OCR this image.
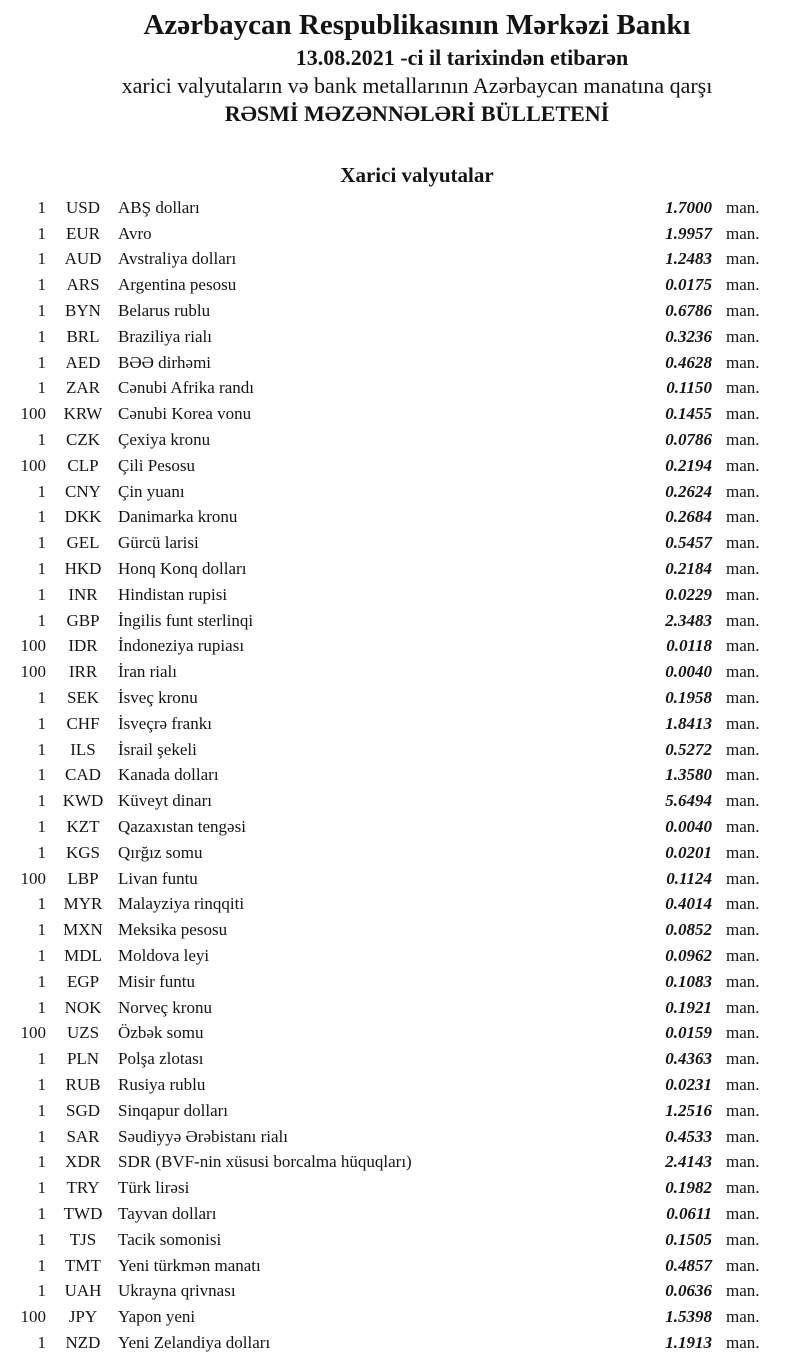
Azərbaycan Respublikasının Mərkəzi Bankı
13.08.2021 -ci il tarixindən etibarən
xarici valyutaların və bank metallarının Azərbaycan manatına qarşı
RƏSMİ MƏZƏNNƏLƏRİ BÜLLETENİ
Xarici valyutalar
1	USD	ABŞ dolları	1.7000 man.
1	EUR	Avro	1.9957 man.
1	AUD Avstraliya dolları	1.2483 man.
1	ARS	Argentina pesosu	0.0175 man.
1	BYN	Belarus rublu	0.6786 man.
1	BRL	Braziliya rialı	0.3236 man.
1	AED	BƏƏ dirhəmi	0.4628 man.
1	ZAR	Cənubi Afrika randı	0.1150 man.
100	KRW Cənubi Korea vonu	0.1455 man.
1	CZK	Çexiya kronu	0.0786 man.
100	CLP	Çili Pesosu	0.2194 man.
1	CNY	Çin yuanı	0.2624 man.
1	DKK Danimarka kronu	0.2684 man.
1	GEL	Gürcü larisi	0.5457 man.
1	HKD Honq Konq dolları	0.2184 man.
1	INR	Hindistan rupisi	0.0229 man.
1	GBP	İngilis funt sterlinqi	2.3483 man.
100	IDR	İndoneziya rupiası	0.0118 man.
100	IRR	İran rialı	0.0040 man.
1	SEK	İsveç kronu	0.1958 man.
1	CHF	İsveçrə frankı	1.8413 man.
1	ILS	İsrail şekeli	0.5272 man.
1	CAD	Kanada dolları	1.3580 man.
1 KWD Küveyt dinarı	5.6494 man.
1	KZT	Qazaxıstan tengəsi	0.0040 man.
1	KGS	Qırğız somu	0.0201 man.
100	LBP	Livan funtu	0.1124 man.
1	MYR Malayziya rinqqiti	0.4014 man.
1	MXN Meksika pesosu	0.0852 man.
1	MDL Moldova leyi	0.0962 man.
1	EGP	Misir funtu	0.1083 man.
1	NOK Norveç kronu	0.1921 man.
100	UZS	Özbək somu	0.0159 man.
1	PLN	Polşa zlotası	0.4363 man.
1	RUB	Rusiya rublu	0.0231 man.
1	SGD	Sinqapur dolları	1.2516 man.
1	SAR	Səudiyyə Ərəbistanı rialı	0.4533 man.
1	XDR	SDR (BVF-nin xüsusi borcalma hüquqları)	2.4143 man.
1	TRY	Türk lirəsi	0.1982 man.
1	TWD Tayvan dolları	0.0611 man.
1	TJS	Tacik somonisi	0.1505 man.
1	TMT	Yeni türkmən manatı	0.4857 man.
1	UAH Ukrayna qrivnası	0.0636 man.
100	JPY	Yapon yeni	1.5398 man.
1	NZD	Yeni Zelandiya dolları	1.1913 man.
